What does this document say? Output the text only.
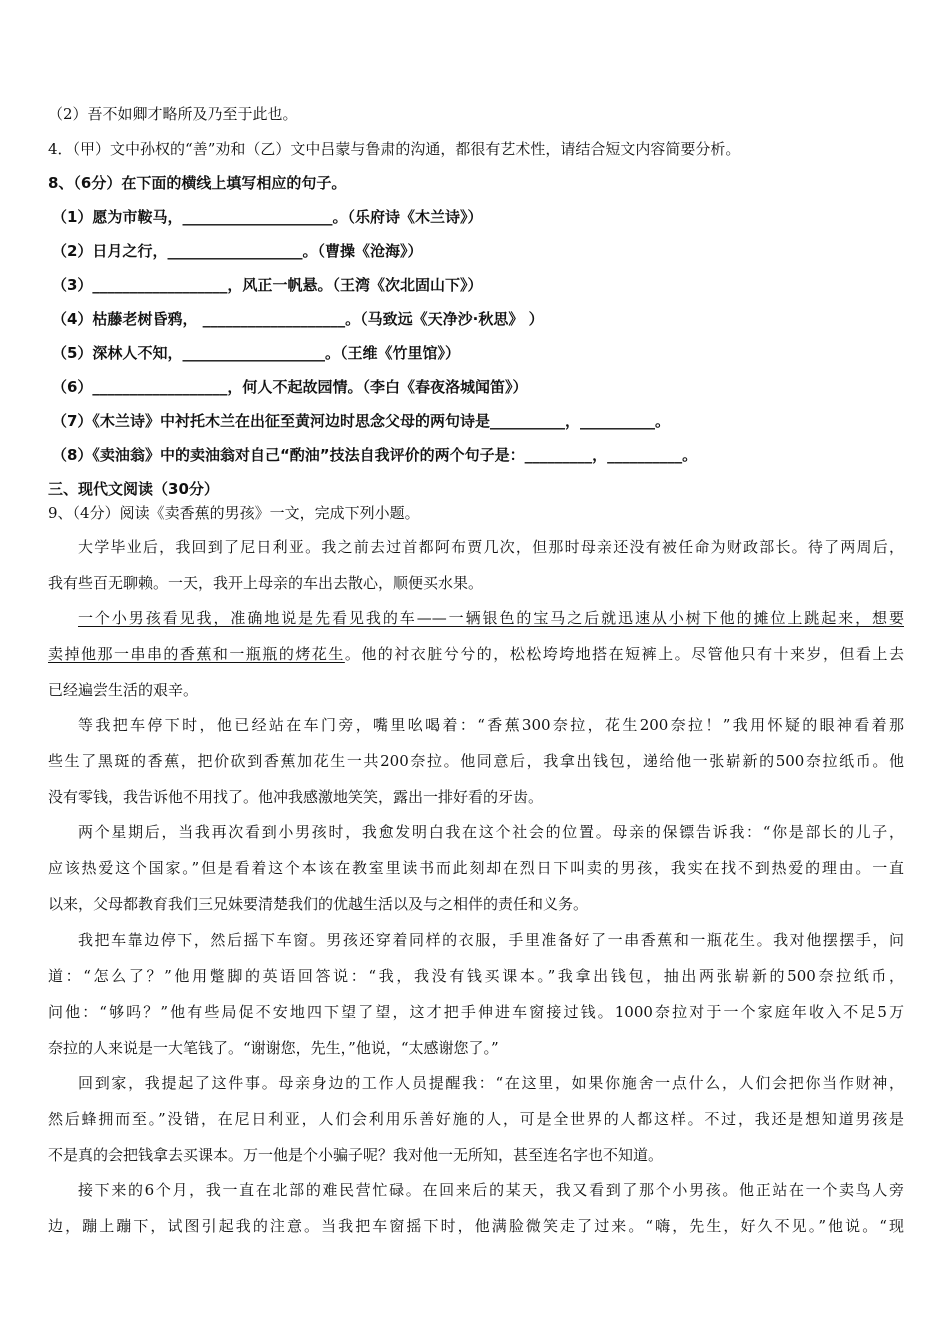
（2）吾不如卿才略所及乃至于此也。
4．（甲）文中孙权的“善”劝和（乙）文中吕蒙与鲁肃的沟通，都很有艺术性，请结合短文内容简要分析。
8、（6分）在下面的横线上填写相应的句子。
（1）愿为市鞍马，____________________。（乐府诗《木兰诗》）
（2）日月之行，__________________。（曹操《沧海》）
（3）__________________，风正一帆悬。（王湾《次北固山下》）
（4）枯藤老树昏鸦， ___________________。（马致远《天净沙·秋思》 ）
（5）深林人不知，___________________。（王维《竹里馆》）
（6）__________________，何人不起故园情。（李白《春夜洛城闻笛》）
（7）《木兰诗》中衬托木兰在出征至黄河边时思念父母的两句诗是__________，__________。
（8）《卖油翁》中的卖油翁对自己“酌油”技法自我评价的两个句子是：_________，__________。
三、现代文阅读（30分）
9、（4分）阅读《卖香蕉的男孩》一文，完成下列小题。
大学毕业后，我回到了尼日利亚。我之前去过首都阿布贾几次，但那时母亲还没有被任命为财政部长。待了两周后，
我有些百无聊赖。一天，我开上母亲的车出去散心，顺便买水果。
一个小男孩看见我，准确地说是先看见我的车——一辆银色的宝马之后就迅速从小树下他的摊位上跳起来，想要
卖掉他那一串串的香蕉和一瓶瓶的烤花生。他的衬衣脏兮兮的，松松垮垮地搭在短裤上。尽管他只有十来岁，但看上去
已经遍尝生活的艰辛。
等我把车停下时，他已经站在车门旁，嘴里吆喝着：“香蕉300奈拉，花生200奈拉！”我用怀疑的眼神看着那
些生了黑斑的香蕉，把价砍到香蕉加花生一共200奈拉。他同意后，我拿出钱包，递给他一张崭新的500奈拉纸币。他
没有零钱，我告诉他不用找了。他冲我感激地笑笑，露出一排好看的牙齿。
两个星期后，当我再次看到小男孩时，我愈发明白我在这个社会的位置。母亲的保镖告诉我：“你是部长的儿子，
应该热爱这个国家。”但是看着这个本该在教室里读书而此刻却在烈日下叫卖的男孩，我实在找不到热爱的理由。一直
以来，父母都教育我们三兄妹要清楚我们的优越生活以及与之相伴的责任和义务。
我把车靠边停下，然后摇下车窗。男孩还穿着同样的衣服，手里准备好了一串香蕉和一瓶花生。我对他摆摆手，问
道：“怎么了？”他用蹩脚的英语回答说：“我，我没有钱买课本。”我拿出钱包，抽出两张崭新的500奈拉纸币，
问他：“够吗？”他有些局促不安地四下望了望，这才把手伸进车窗接过钱。1000奈拉对于一个家庭年收入不足5万
奈拉的人来说是一大笔钱了。“谢谢您，先生，”他说，“太感谢您了。”
回到家，我提起了这件事。母亲身边的工作人员提醒我：“在这里，如果你施舍一点什么，人们会把你当作财神，
然后蜂拥而至。”没错，在尼日利亚，人们会利用乐善好施的人，可是全世界的人都这样。不过，我还是想知道男孩是
不是真的会把钱拿去买课本。万一他是个小骗子呢？我对他一无所知，甚至连名字也不知道。
接下来的6个月，我一直在北部的难民营忙碌。在回来后的某天，我又看到了那个小男孩。他正站在一个卖鸟人旁
边，蹦上蹦下，试图引起我的注意。当我把车窗摇下时，他满脸微笑走了过来。“嗨，先生，好久不见。”他说。“现
